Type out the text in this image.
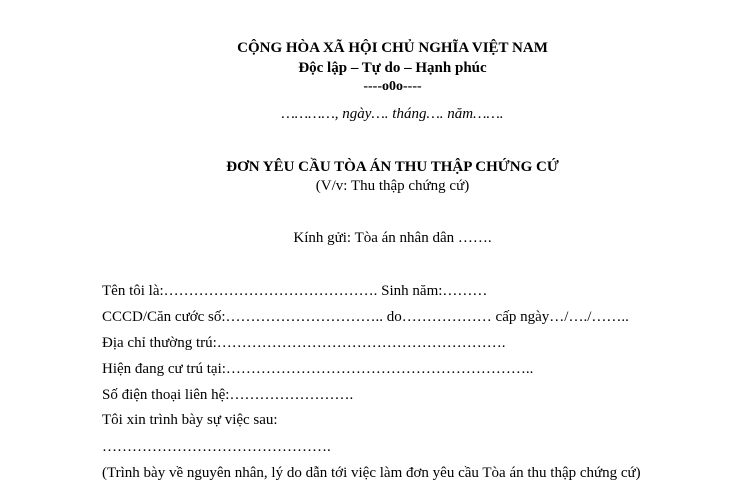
CỘNG HÒA XÃ HỘI CHỦ NGHĨA VIỆT NAM
Độc lập – Tự do – Hạnh phúc
----o0o----
…………, ngày…. tháng…. năm…….
ĐƠN YÊU CẦU TÒA ÁN THU THẬP CHỨNG CỨ
(V/v: Thu thập chứng cứ)
Kính gửi: Tòa án nhân dân …….
Tên tôi là:……………………………………. Sinh năm:………
CCCD/Căn cước số:………………………….. do……………… cấp ngày…/…./……..
Địa chỉ thường trú:………………………………………………….
Hiện đang cư trú tại:……………………………………………………..
Số điện thoại liên hệ:…………………….
Tôi xin trình bày sự việc sau:
……………………………………….
(Trình bày về nguyên nhân, lý do dẫn tới việc làm đơn yêu cầu Tòa án thu thập chứng cứ)
